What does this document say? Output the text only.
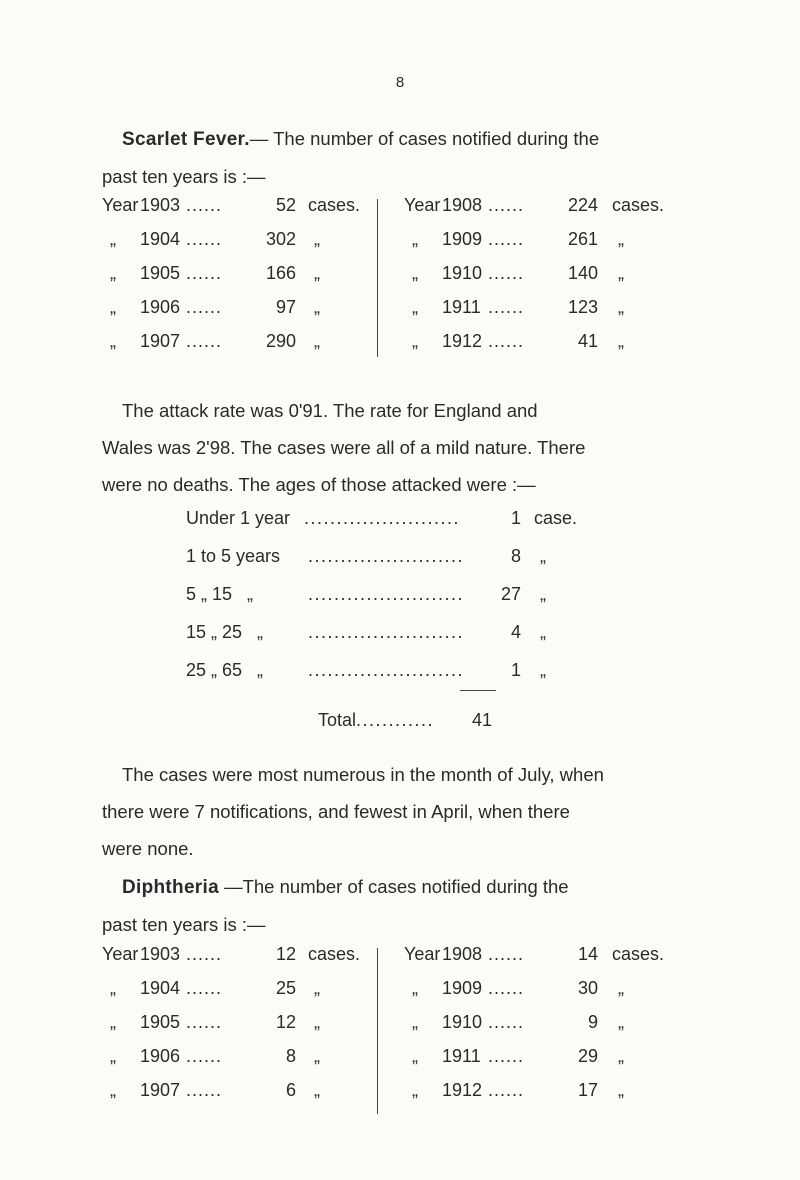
8
Scarlet Fever.— The number of cases notified during the
past ten years is :—
Year 1903 ......	52 cases.
„ 1904 ......	302 „
„ 1905 ......	166 „
„ 1906 ......	97 „
„ 1907 ......	290 „
Year 1908 ......	224 cases.
„ 1909 ......	261 „
„ 1910 ......	140 „
„ 1911 ......	123 „
„ 1912 ......	41 „
The attack rate was 0'91. The rate for England and
Wales was 2'98. The cases were all of a mild nature. There
were no deaths. The ages of those attacked were :—
Under 1 year ........................	1 case.
1 to 5 years ........................	8 „
5 „ 15   „	........................	27 „
15 „ 25   „ ........................	4 „
25 „ 65   „ ........................	1 „
Total............ 41
The cases were most numerous in the month of July, when
there were 7 notifications, and fewest in April, when there
were none.
Diphtheria —The number of cases notified during the
past ten years is :—
Year 1903 ......	12 cases.
„ 1904 ......	25 „
„ 1905 ......	12 „
„ 1906 ......	8 „
„ 1907 ......	6 „
Year 1908 ......	14 cases.
„ 1909 ......	30 „
„ 1910 ......	9 „
„ 1911 ......	29 „
„ 1912 ......	17 „
